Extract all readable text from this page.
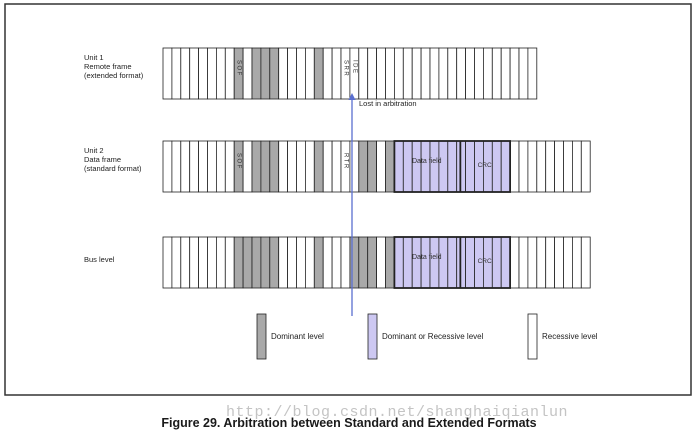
Unit 1 Remote frame (extended format)	SOF	SRR IDE
Unit 2 Data frame (standard format)
Data field
CRC
SOF	RTR
Bus level	Data field
CRC
Lost in arbitration
Dominant level	Dominant or Recessive level	Recessive level
http://blog.csdn.net/shanghaiqianlun
Figure 29. Arbitration between Standard and Extended Formats
